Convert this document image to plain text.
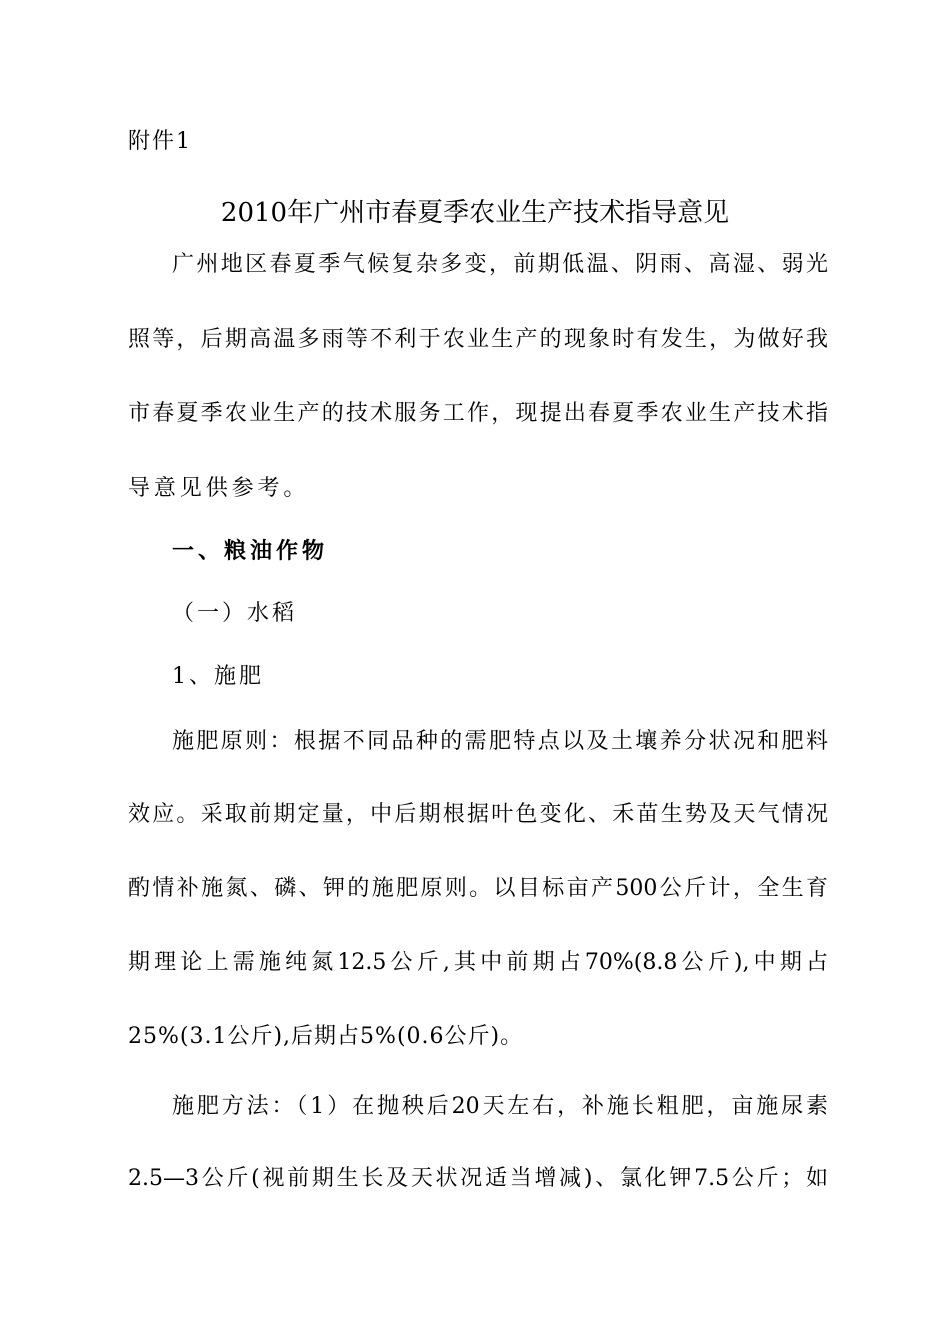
附件1
2010年广州市春夏季农业生产技术指导意见
广州地区春夏季气候复杂多变，前期低温、阴雨、高湿、弱光
照等，后期高温多雨等不利于农业生产的现象时有发生，为做好我
市春夏季农业生产的技术服务工作，现提出春夏季农业生产技术指
导意见供参考。
一、粮油作物
（一）水稻
1、施肥
施肥原则：根据不同品种的需肥特点以及土壤养分状况和肥料
效应。采取前期定量，中后期根据叶色变化、禾苗生势及天气情况
酌情补施氮、磷、钾的施肥原则。以目标亩产500公斤计，全生育
期理论上需施纯氮12.5公斤,其中前期占70%(8.8公斤),中期占
25%(3.1公斤),后期占5%(0.6公斤)。
施肥方法：（1）在抛秧后20天左右，补施长粗肥，亩施尿素
2.5—3公斤(视前期生长及天状况适当增减)、氯化钾7.5公斤；如
